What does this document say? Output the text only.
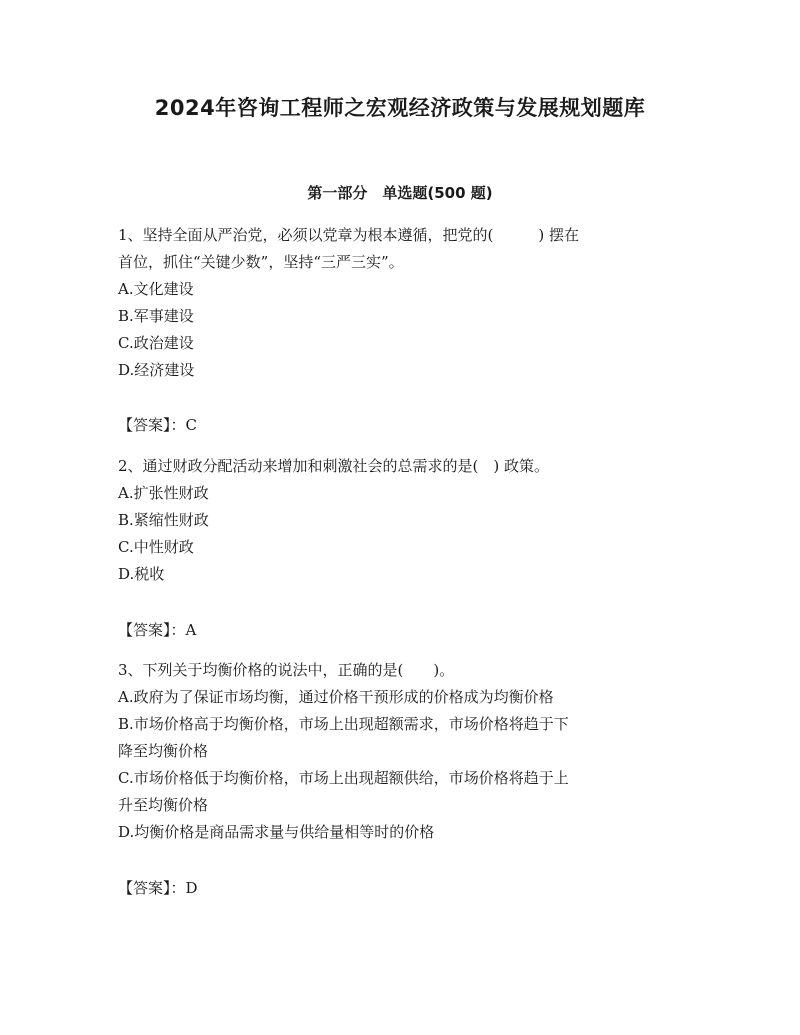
2024年咨询工程师之宏观经济政策与发展规划题库
第一部分　单选题(500 题)
1、坚持全面从严治党，必须以党章为根本遵循，把党的(　　　) 摆在
首位，抓住“关键少数”，坚持“三严三实”。
A.文化建设
B.军事建设
C.政治建设
D.经济建设
【答案】：C
2、通过财政分配活动来增加和刺激社会的总需求的是(　) 政策。
A.扩张性财政
B.紧缩性财政
C.中性财政
D.税收
【答案】：A
3、下列关于均衡价格的说法中，正确的是(　　)。
A.政府为了保证市场均衡，通过价格干预形成的价格成为均衡价格
B.市场价格高于均衡价格，市场上出现超额需求，市场价格将趋于下
降至均衡价格
C.市场价格低于均衡价格，市场上出现超额供给，市场价格将趋于上
升至均衡价格
D.均衡价格是商品需求量与供给量相等时的价格
【答案】：D
